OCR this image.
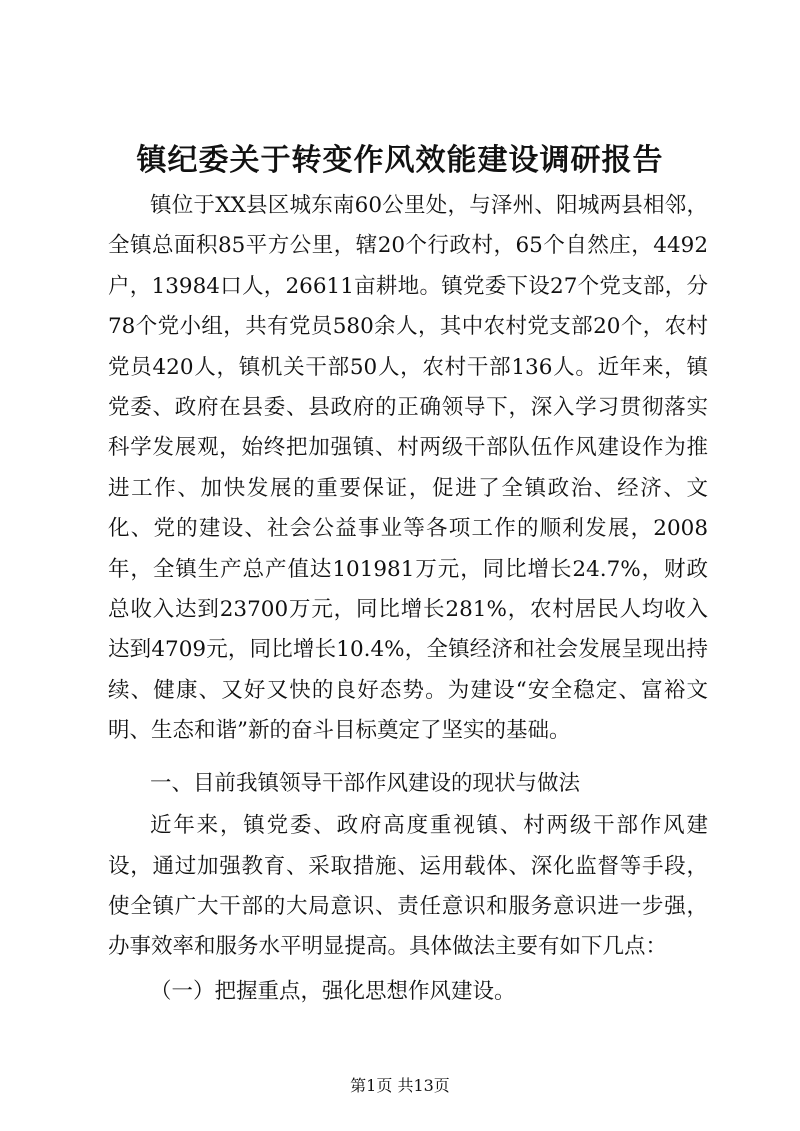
镇纪委关于转变作风效能建设调研报告

镇位于XX县区城东南60公里处，与泽州、阳城两县相邻，全镇总面积85平方公里，辖20个行政村，65个自然庄，4492户，13984口人，26611亩耕地。镇党委下设27个党支部，分78个党小组，共有党员580余人，其中农村党支部20个，农村党员420人，镇机关干部50人，农村干部136人。近年来，镇党委、政府在县委、县政府的正确领导下，深入学习贯彻落实科学发展观，始终把加强镇、村两级干部队伍作风建设作为推进工作、加快发展的重要保证，促进了全镇政治、经济、文化、党的建设、社会公益事业等各项工作的顺利发展，2008年，全镇生产总产值达101981万元，同比增长24.7%，财政总收入达到23700万元，同比增长281%，农村居民人均收入达到4709元，同比增长10.4%，全镇经济和社会发展呈现出持续、健康、又好又快的良好态势。为建设“安全稳定、富裕文明、生态和谐”新的奋斗目标奠定了坚实的基础。

一、目前我镇领导干部作风建设的现状与做法

近年来，镇党委、政府高度重视镇、村两级干部作风建设，通过加强教育、采取措施、运用载体、深化监督等手段，使全镇广大干部的大局意识、责任意识和服务意识进一步强，办事效率和服务水平明显提高。具体做法主要有如下几点：

（一）把握重点，强化思想作风建设。

第1页 共13页
